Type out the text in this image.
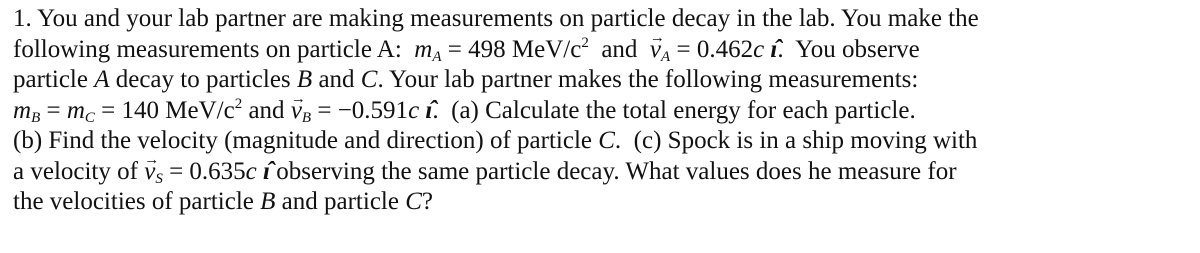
1. You and your lab partner are making measurements on particle decay in the lab. You make the
following measurements on particle A: $m_A = 498$ MeV/$c^2$ and → $v_A = 0.462c$ ı̂.  You observe
particle A decay to particles B and C. Your lab partner makes the following measurements:
$m_B = m_C = 140$ MeV/$c^2$ and → $v_B = -0.591c$ ı̂.  (a) Calculate the total energy for each particle.
(b) Find the velocity (magnitude and direction) of particle C.  (c) Spock is in a ship moving with
a velocity of → $v_S = 0.635c$ ı̂ observing the same particle decay. What values does he measure for
the velocities of particle B and particle C?
